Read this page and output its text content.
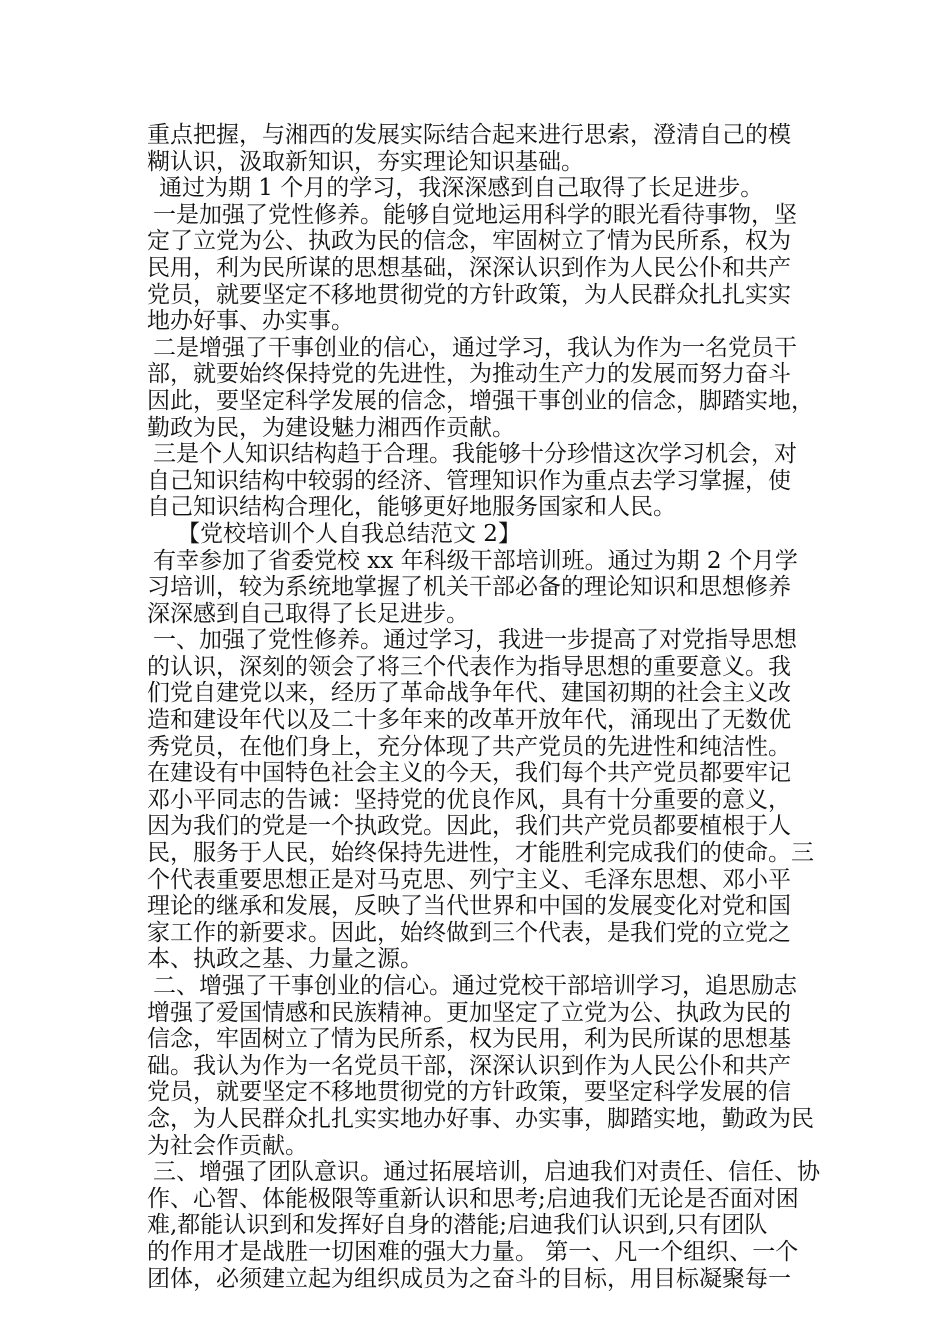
重点把握，与湘西的发展实际结合起来进行思索，澄清自己的模
糊认识，汲取新知识，夯实理论知识基础。
通过为期 1 个月的学习，我深深感到自己取得了长足进步。
一是加强了党性修养。能够自觉地运用科学的眼光看待事物，坚
定了立党为公、执政为民的信念，牢固树立了情为民所系，权为
民用，利为民所谋的思想基础，深深认识到作为人民公仆和共产
党员，就要坚定不移地贯彻党的方针政策，为人民群众扎扎实实
地办好事、办实事。
二是增强了干事创业的信心，通过学习，我认为作为一名党员干
部，就要始终保持党的先进性，为推动生产力的发展而努力奋斗
因此，要坚定科学发展的信念，增强干事创业的信念，脚踏实地，
勤政为民，为建设魅力湘西作贡献。
三是个人知识结构趋于合理。我能够十分珍惜这次学习机会，对
自己知识结构中较弱的经济、管理知识作为重点去学习掌握，使
自己知识结构合理化，能够更好地服务国家和人民。
【党校培训个人自我总结范文 2】
有幸参加了省委党校 xx 年科级干部培训班。通过为期 2 个月学
习培训，较为系统地掌握了机关干部必备的理论知识和思想修养
深深感到自己取得了长足进步。
一、加强了党性修养。通过学习，我进一步提高了对党指导思想
的认识，深刻的领会了将三个代表作为指导思想的重要意义。我
们党自建党以来，经历了革命战争年代、建国初期的社会主义改
造和建设年代以及二十多年来的改革开放年代，涌现出了无数优
秀党员，在他们身上，充分体现了共产党员的先进性和纯洁性。
在建设有中国特色社会主义的今天，我们每个共产党员都要牢记
邓小平同志的告诫：坚持党的优良作风，具有十分重要的意义，
因为我们的党是一个执政党。因此，我们共产党员都要植根于人
民，服务于人民，始终保持先进性，才能胜利完成我们的使命。三
个代表重要思想正是对马克思、列宁主义、毛泽东思想、邓小平
理论的继承和发展，反映了当代世界和中国的发展变化对党和国
家工作的新要求。因此，始终做到三个代表，是我们党的立党之
本、执政之基、力量之源。
二、增强了干事创业的信心。通过党校干部培训学习，追思励志
增强了爱国情感和民族精神。更加坚定了立党为公、执政为民的
信念，牢固树立了情为民所系，权为民用，利为民所谋的思想基
础。我认为作为一名党员干部，深深认识到作为人民公仆和共产
党员，就要坚定不移地贯彻党的方针政策，要坚定科学发展的信
念，为人民群众扎扎实实地办好事、办实事，脚踏实地，勤政为民
为社会作贡献。
三、增强了团队意识。通过拓展培训，启迪我们对责任、信任、协
作、心智、体能极限等重新认识和思考;启迪我们无论是否面对困
难,都能认识到和发挥好自身的潜能;启迪我们认识到,只有团队
的作用才是战胜一切困难的强大力量。 第一、凡一个组织、一个
团体，必须建立起为组织成员为之奋斗的目标，用目标凝聚每一
